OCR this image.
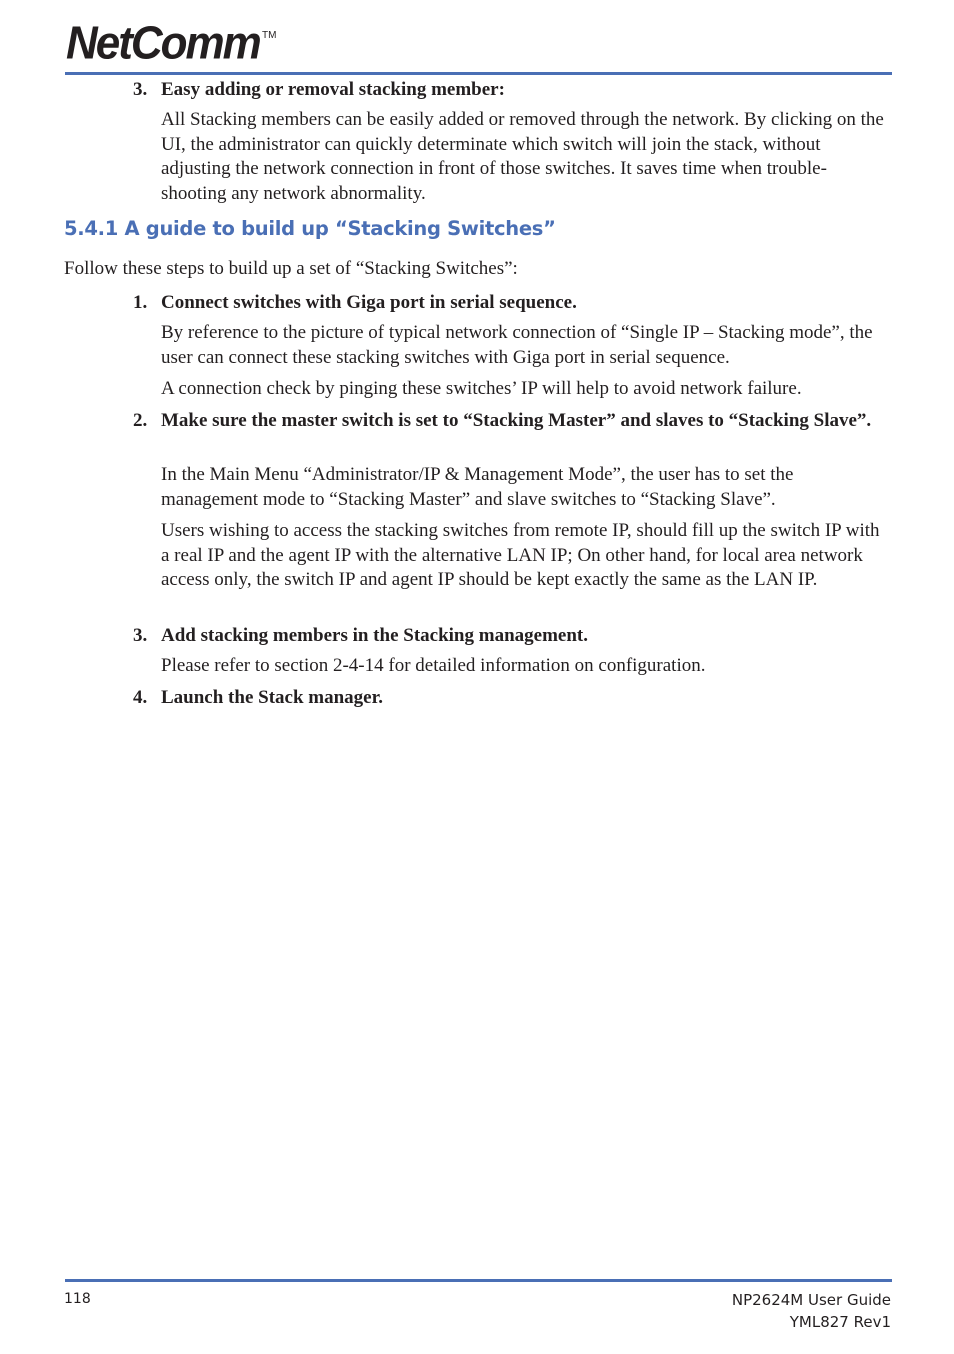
NetComm TM
3. Easy adding or removal stacking member:
All Stacking members can be easily added or removed through the network. By clicking on the UI, the administrator can quickly determinate which switch will join the stack, without adjusting the network connection in front of those switches. It saves time when trouble-shooting any network abnormality.
5.4.1 A guide to build up “Stacking Switches”
Follow these steps to build up a set of “Stacking Switches”:
1.Connect switches with Giga port in serial sequence.
By reference to the picture of typical network connection of “Single IP – Stacking mode”, the user can connect these stacking switches with Giga port in serial sequence.
A connection check by pinging these switches’ IP will help to avoid network failure.
2. Make sure the master switch is set to “Stacking Master” and slaves to “Stacking Slave”.
In the Main Menu “Administrator/IP & Management Mode”, the user has to set the management mode to “Stacking Master” and slave switches to “Stacking Slave”.
Users wishing to access the stacking switches from remote IP, should fill up the switch IP with a real IP and the agent IP with the alternative LAN IP; On other hand, for local area network access only, the switch IP and agent IP should be kept exactly the same as the LAN IP.
3. Add stacking members in the Stacking management.
Please refer to section 2-4-14 for detailed information on configuration.
4. Launch the Stack manager.
118	NP2624M User Guide
YML827 Rev1
